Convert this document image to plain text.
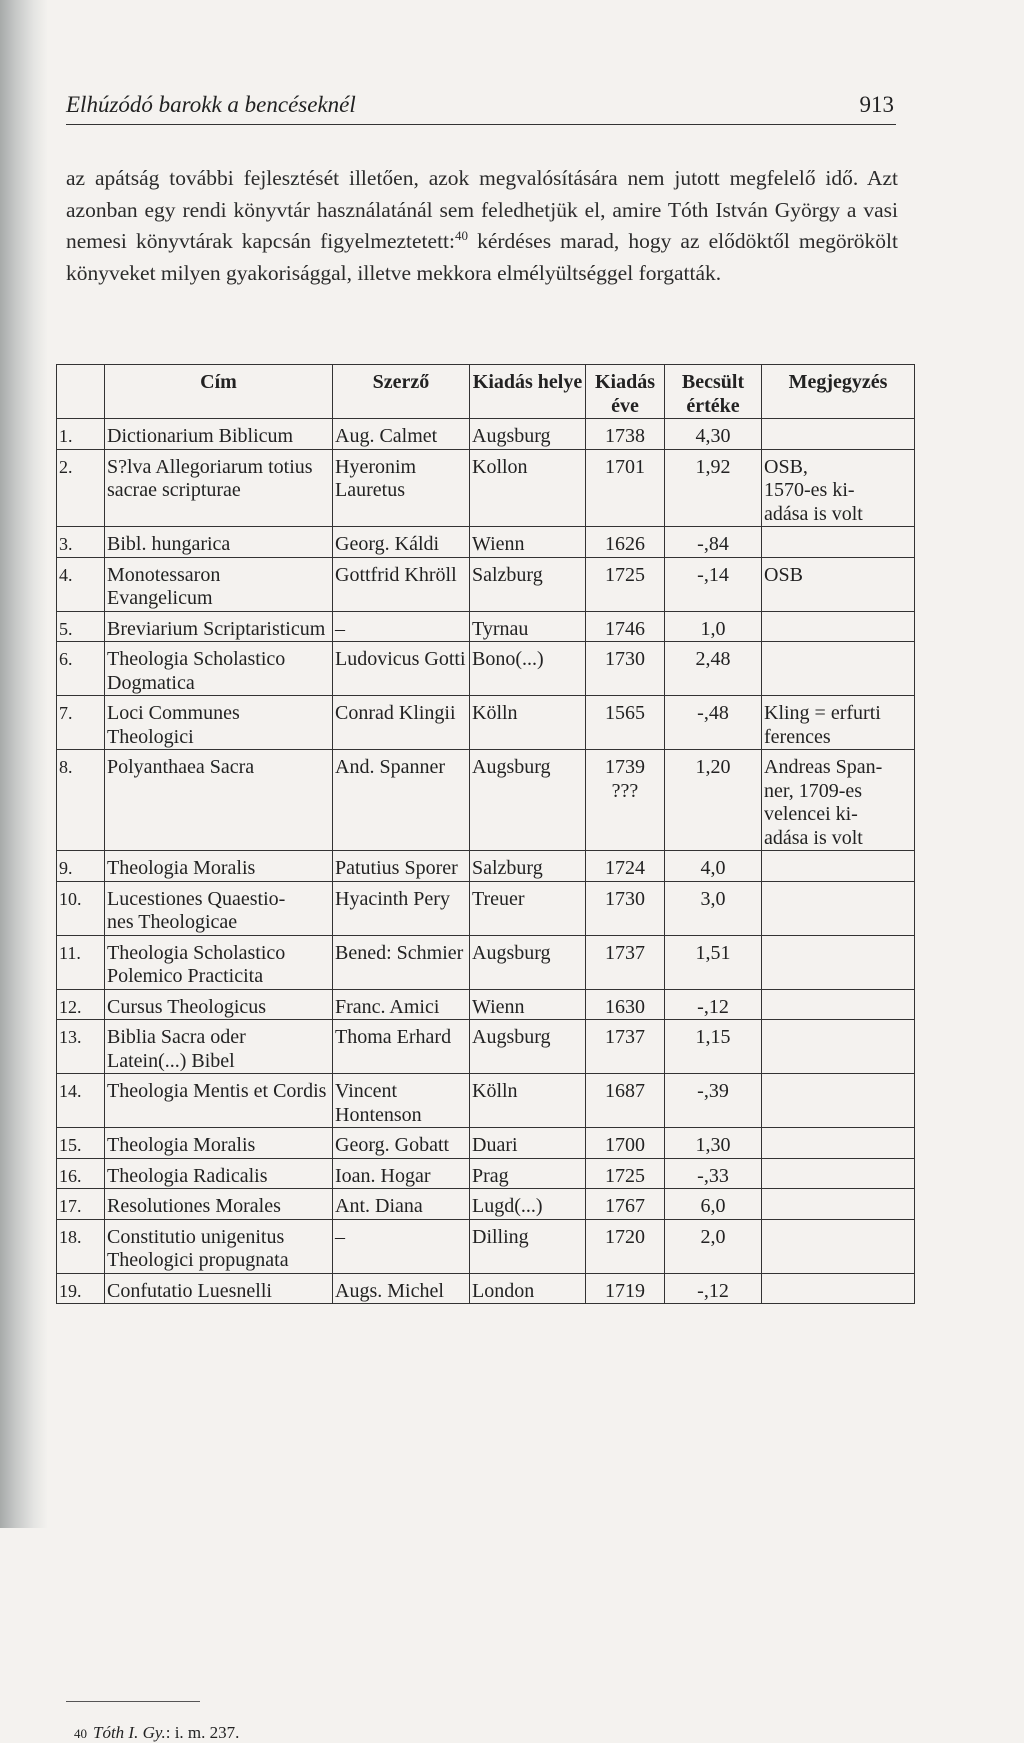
Elhúzódó barokk a bencéseknél	913

az apátság további fejlesztését illetően, azok megvalósítására nem jutott megfelelő idő. Azt azonban egy rendi könyvtár használatánál sem feledhetjük el, amire Tóth István György a vasi nemesi könyvtárak kapcsán figyelmeztetett:$^{40}$ kérdéses marad, hogy az elődöktől megörökölt könyveket milyen gyakorisággal, illetve mekkora elmélyültséggel forgatták.

	Cím	Szerző	Kiadás helye	Kiadás éve	Becsült értéke	Megjegyzés
1.	Dictionarium Biblicum	Aug. Calmet	Augsburg	1738	4,30	
2.	S?lva Allegoriarum totius sacrae scripturae	Hyeronim Lauretus	Kollon	1701	1,92	OSB,
1570-es ki-
adása is volt
3.	Bibl. hungarica	Georg. Káldi	Wienn	1626	-,84	
4.	Monotessaron Evangelicum	Gottfrid Khröll	Salzburg	1725	-,14	OSB
5.	Breviarium Scriptaristicum	–	Tyrnau	1746	1,0	
6.	Theologia Scholastico Dogmatica	Ludovicus Gotti	Bono(...)	1730	2,48	
7.	Loci Communes Theologici	Conrad Klingii	Kölln	1565	-,48	Kling = erfurti ferences
8.	Polyanthaea Sacra	And. Spanner	Augsburg	1739
???	1,20	Andreas Span-
ner, 1709-es velencei ki-
adása is volt
9.	Theologia Moralis	Patutius Sporer	Salzburg	1724	4,0	
10.	Lucestiones Quaestio-
nes Theologicae	Hyacinth Pery	Treuer	1730	3,0	
11.	Theologia Scholastico Polemico Practicita	Bened: Schmier	Augsburg	1737	1,51	
12.	Cursus Theologicus	Franc. Amici	Wienn	1630	-,12	
13.	Biblia Sacra oder Latein(...) Bibel	Thoma Erhard	Augsburg	1737	1,15	
14.	Theologia Mentis et Cordis	Vincent Hontenson	Kölln	1687	-,39	
15.	Theologia Moralis	Georg. Gobatt	Duari	1700	1,30	
16.	Theologia Radicalis	Ioan. Hogar	Prag	1725	-,33	
17.	Resolutiones Morales	Ant. Diana	Lugd(...)	1767	6,0	
18.	Constitutio unigenitus Theologici propugnata	–	Dilling	1720	2,0	
19.	Confutatio Luesnelli	Augs. Michel	London	1719	-,12	
40 Tóth I. Gy.: i. m. 237.
